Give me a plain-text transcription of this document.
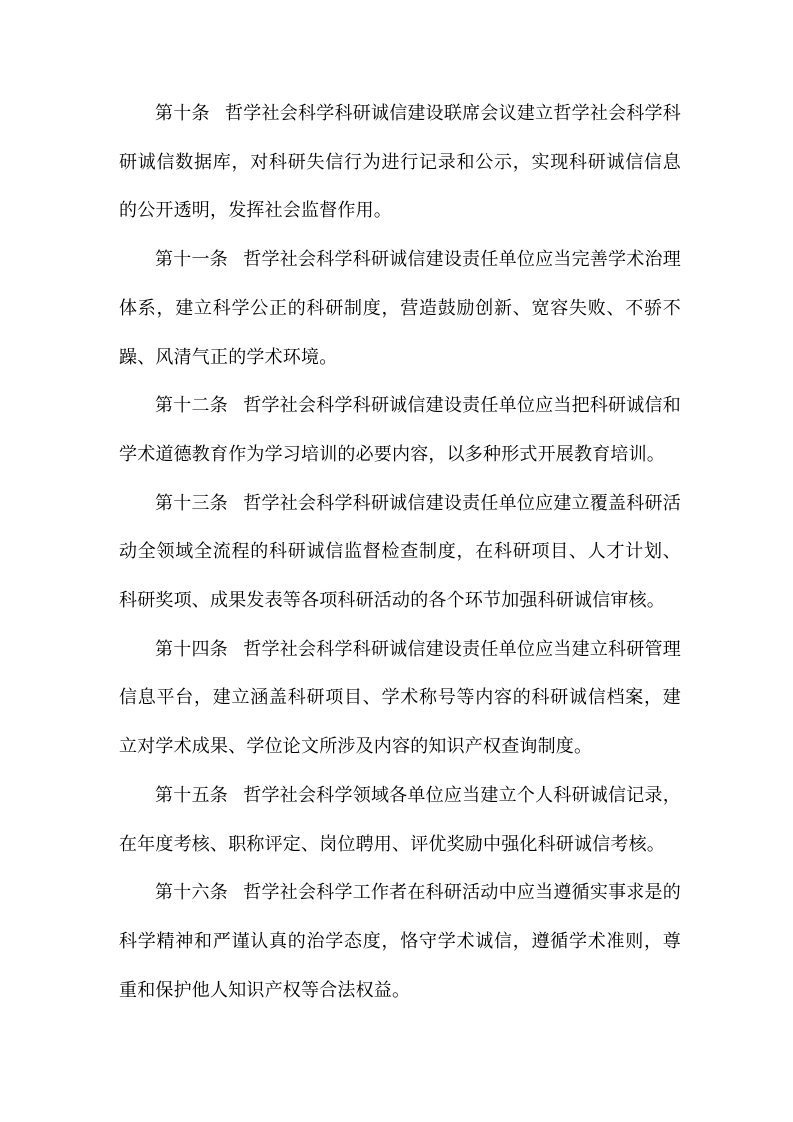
第十条 哲学社会科学科研诚信建设联席会议建立哲学社会科学科研诚信数据库，对科研失信行为进行记录和公示，实现科研诚信信息的公开透明，发挥社会监督作用。

第十一条 哲学社会科学科研诚信建设责任单位应当完善学术治理体系，建立科学公正的科研制度，营造鼓励创新、宽容失败、不骄不躁、风清气正的学术环境。

第十二条 哲学社会科学科研诚信建设责任单位应当把科研诚信和学术道德教育作为学习培训的必要内容，以多种形式开展教育培训。

第十三条 哲学社会科学科研诚信建设责任单位应建立覆盖科研活动全领域全流程的科研诚信监督检查制度，在科研项目、人才计划、科研奖项、成果发表等各项科研活动的各个环节加强科研诚信审核。

第十四条 哲学社会科学科研诚信建设责任单位应当建立科研管理信息平台，建立涵盖科研项目、学术称号等内容的科研诚信档案，建立对学术成果、学位论文所涉及内容的知识产权查询制度。

第十五条 哲学社会科学领域各单位应当建立个人科研诚信记录，在年度考核、职称评定、岗位聘用、评优奖励中强化科研诚信考核。

第十六条 哲学社会科学工作者在科研活动中应当遵循实事求是的科学精神和严谨认真的治学态度，恪守学术诚信，遵循学术准则，尊重和保护他人知识产权等合法权益。
